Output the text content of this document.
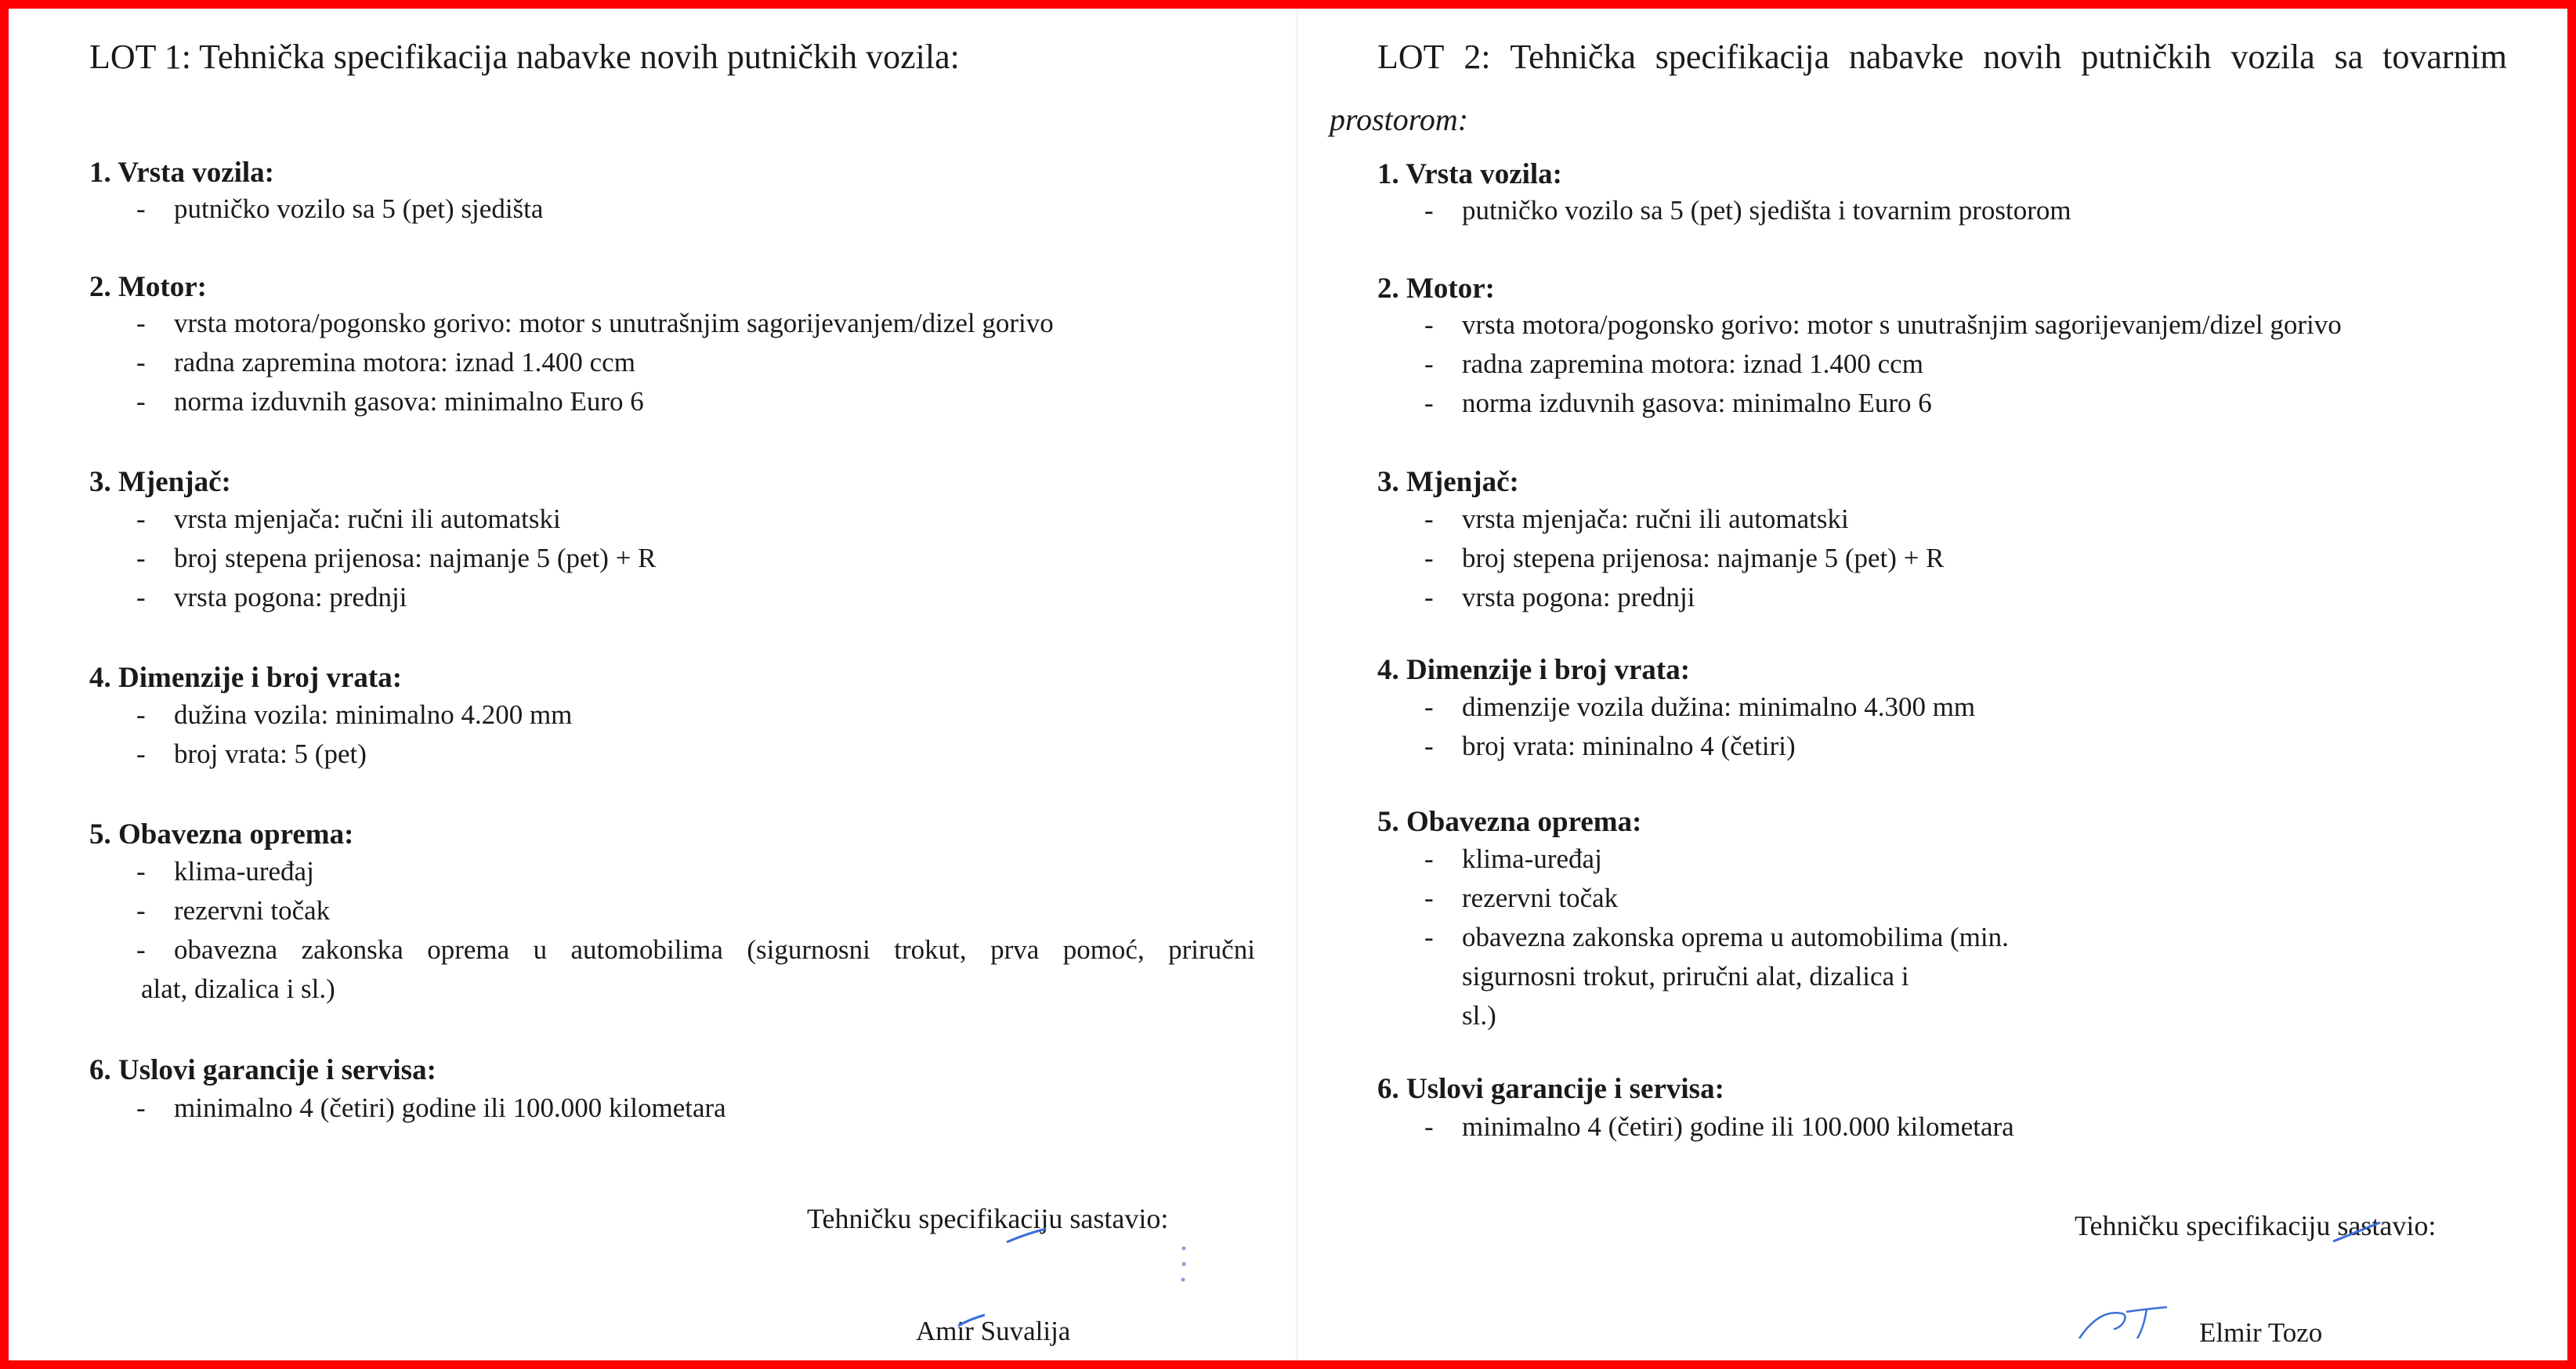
LOT 1: Tehnička specifikacija nabavke novih putničkih vozila:
1. Vrsta vozila:
- putničko vozilo sa 5 (pet) sjedišta
2. Motor:
- vrsta motora/pogonsko gorivo: motor s unutrašnjim sagorijevanjem/dizel gorivo
- radna zapremina motora: iznad 1.400 ccm
- norma izduvnih gasova: minimalno Euro 6
3. Mjenjač:
- vrsta mjenjača: ručni ili automatski
- broj stepena prijenosa: najmanje 5 (pet) + R
- vrsta pogona: prednji
4. Dimenzije i broj vrata:
- dužina vozila: minimalno 4.200 mm
- broj vrata: 5 (pet)
5. Obavezna oprema:
- klima-uređaj
- rezervni točak
- obavezna zakonska oprema u automobilima (sigurnosni trokut, prva pomoć, priručni
alat, dizalica i sl.)
6. Uslovi garancije i servisa:
- minimalno 4 (četiri) godine ili 100.000 kilometara
Tehničku specifikaciju sastavio:
Amir Suvalija
LOT 2: Tehnička specifikacija nabavke novih putničkih vozila sa tovarnim
prostorom:
1. Vrsta vozila:
- putničko vozilo sa 5 (pet) sjedišta i tovarnim prostorom
2. Motor:
- vrsta motora/pogonsko gorivo: motor s unutrašnjim sagorijevanjem/dizel gorivo
- radna zapremina motora: iznad 1.400 ccm
- norma izduvnih gasova: minimalno Euro 6
3. Mjenjač:
- vrsta mjenjača: ručni ili automatski
- broj stepena prijenosa: najmanje 5 (pet) + R
- vrsta pogona: prednji
4. Dimenzije i broj vrata:
- dimenzije vozila dužina: minimalno 4.300 mm
- broj vrata: mininalno 4 (četiri)
5. Obavezna oprema:
- klima-uređaj
- rezervni točak
- obavezna zakonska oprema u automobilima (min.
sigurnosni trokut, priručni alat, dizalica i
sl.)
6. Uslovi garancije i servisa:
- minimalno 4 (četiri) godine ili 100.000 kilometara
Tehničku specifikaciju sastavio:
Elmir Tozo
